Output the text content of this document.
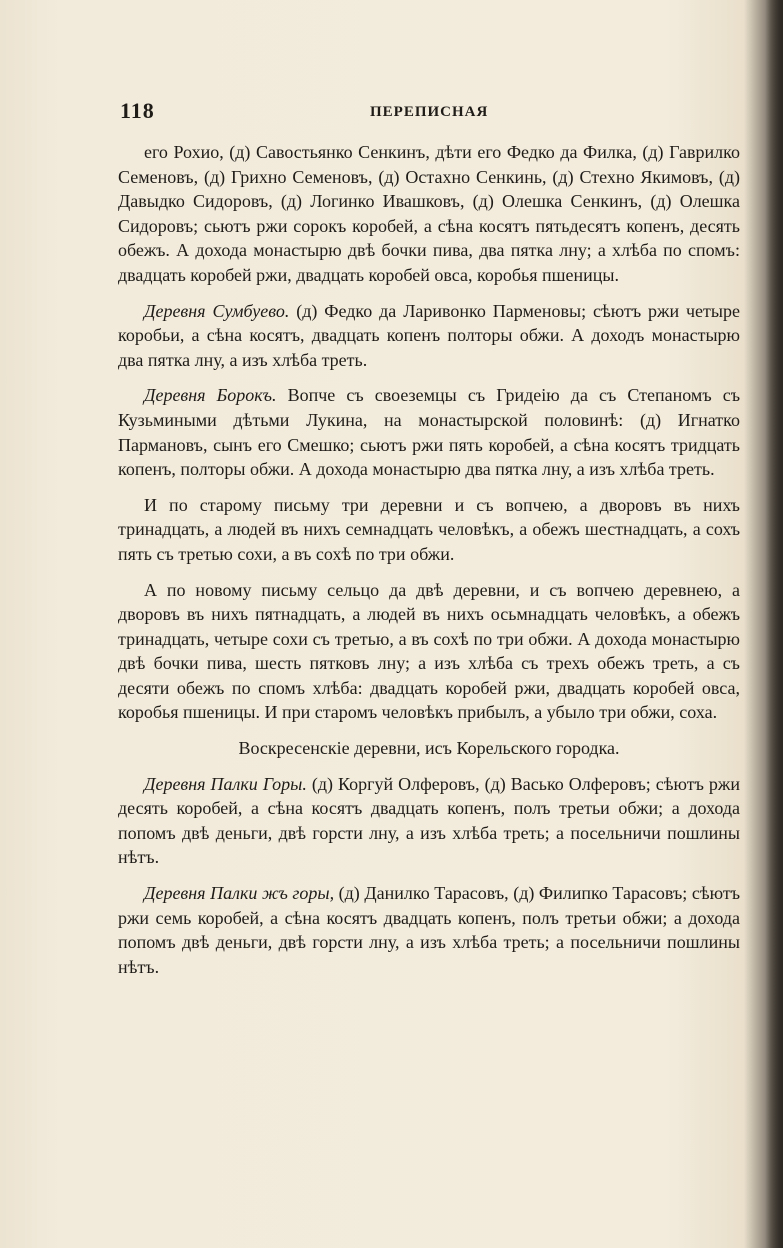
118	ПЕРЕПИСНАЯ

его Рохио, (д) Савостьянко Сенкинъ, дѣти его Федко да Филка, (д) Гаврилко Семеновъ, (д) Грихно Семеновъ, (д) Остахно Сенкинь, (д) Стехно Якимовъ, (д) Давыдко Сидоровъ, (д) Логинко Ивашковъ, (д) Олешка Сенкинъ, (д) Олешка Сидоровъ; сьютъ ржи сорокъ коробей, а сѣна косятъ пятьдесятъ копенъ, десять обежъ. А дохода монастырю двѣ бочки пива, два пятка лну; а хлѣба по спомъ: двадцать коробей ржи, двадцать коробей овса, коробья пшеницы.

Деревня Сумбуево. (д) Федко да Ларивонко Парменовы; сѣютъ ржи четыре коробьи, а сѣна косятъ, двадцать копенъ полторы обжи. А доходъ монастырю два пятка лну, а изъ хлѣба треть.

Деревня Борокъ. Вопче съ своеземцы съ Гридеiю да съ Степаномъ съ Кузьмиными дѣтьми Лукина, на монастырской половинѣ: (д) Игнатко Пармановъ, сынъ его Смешко; сьютъ ржи пять коробей, а сѣна косятъ тридцать копенъ, полторы обжи. А дохода монастырю два пятка лну, а изъ хлѣба треть.

И по старому письму три деревни и съ вопчею, а дворовъ въ нихъ тринадцать, а людей въ нихъ семнадцать человѣкъ, а обежъ шестнадцать, а сохъ пять съ третью сохи, а въ сохѣ по три обжи.

А по новому письму сельцо да двѣ деревни, и съ вопчею деревнею, а дворовъ въ нихъ пятнадцать, а людей въ нихъ осьмнадцать человѣкъ, а обежъ тринадцать, четыре сохи съ третью, а въ сохѣ по три обжи. А дохода монастырю двѣ бочки пива, шесть пятковъ лну; а изъ хлѣба съ трехъ обежъ треть, а съ десяти обежъ по спомъ хлѣба: двадцать коробей ржи, двадцать коробей овса, коробья пшеницы. И при старомъ человѣкъ прибылъ, а убыло три обжи, соха.

Воскресенскiе деревни, исъ Корельского городка.

Деревня Палки Горы. (д) Коргуй Олферовъ, (д) Васько Олферовъ; сѣютъ ржи десять коробей, а сѣна косятъ двадцать копенъ, полъ третьи обжи; а дохода попомъ двѣ деньги, двѣ горсти лну, а изъ хлѣба треть; а посельничи пошлины нѣтъ.

Деревня Палки жъ горы, (д) Данилко Тарасовъ, (д) Филипко Тарасовъ; сѣютъ ржи семь коробей, а сѣна косятъ двадцать копенъ, полъ третьи обжи; а дохода попомъ двѣ деньги, двѣ горсти лну, а изъ хлѣба треть; а посельничи пошлины нѣтъ.
